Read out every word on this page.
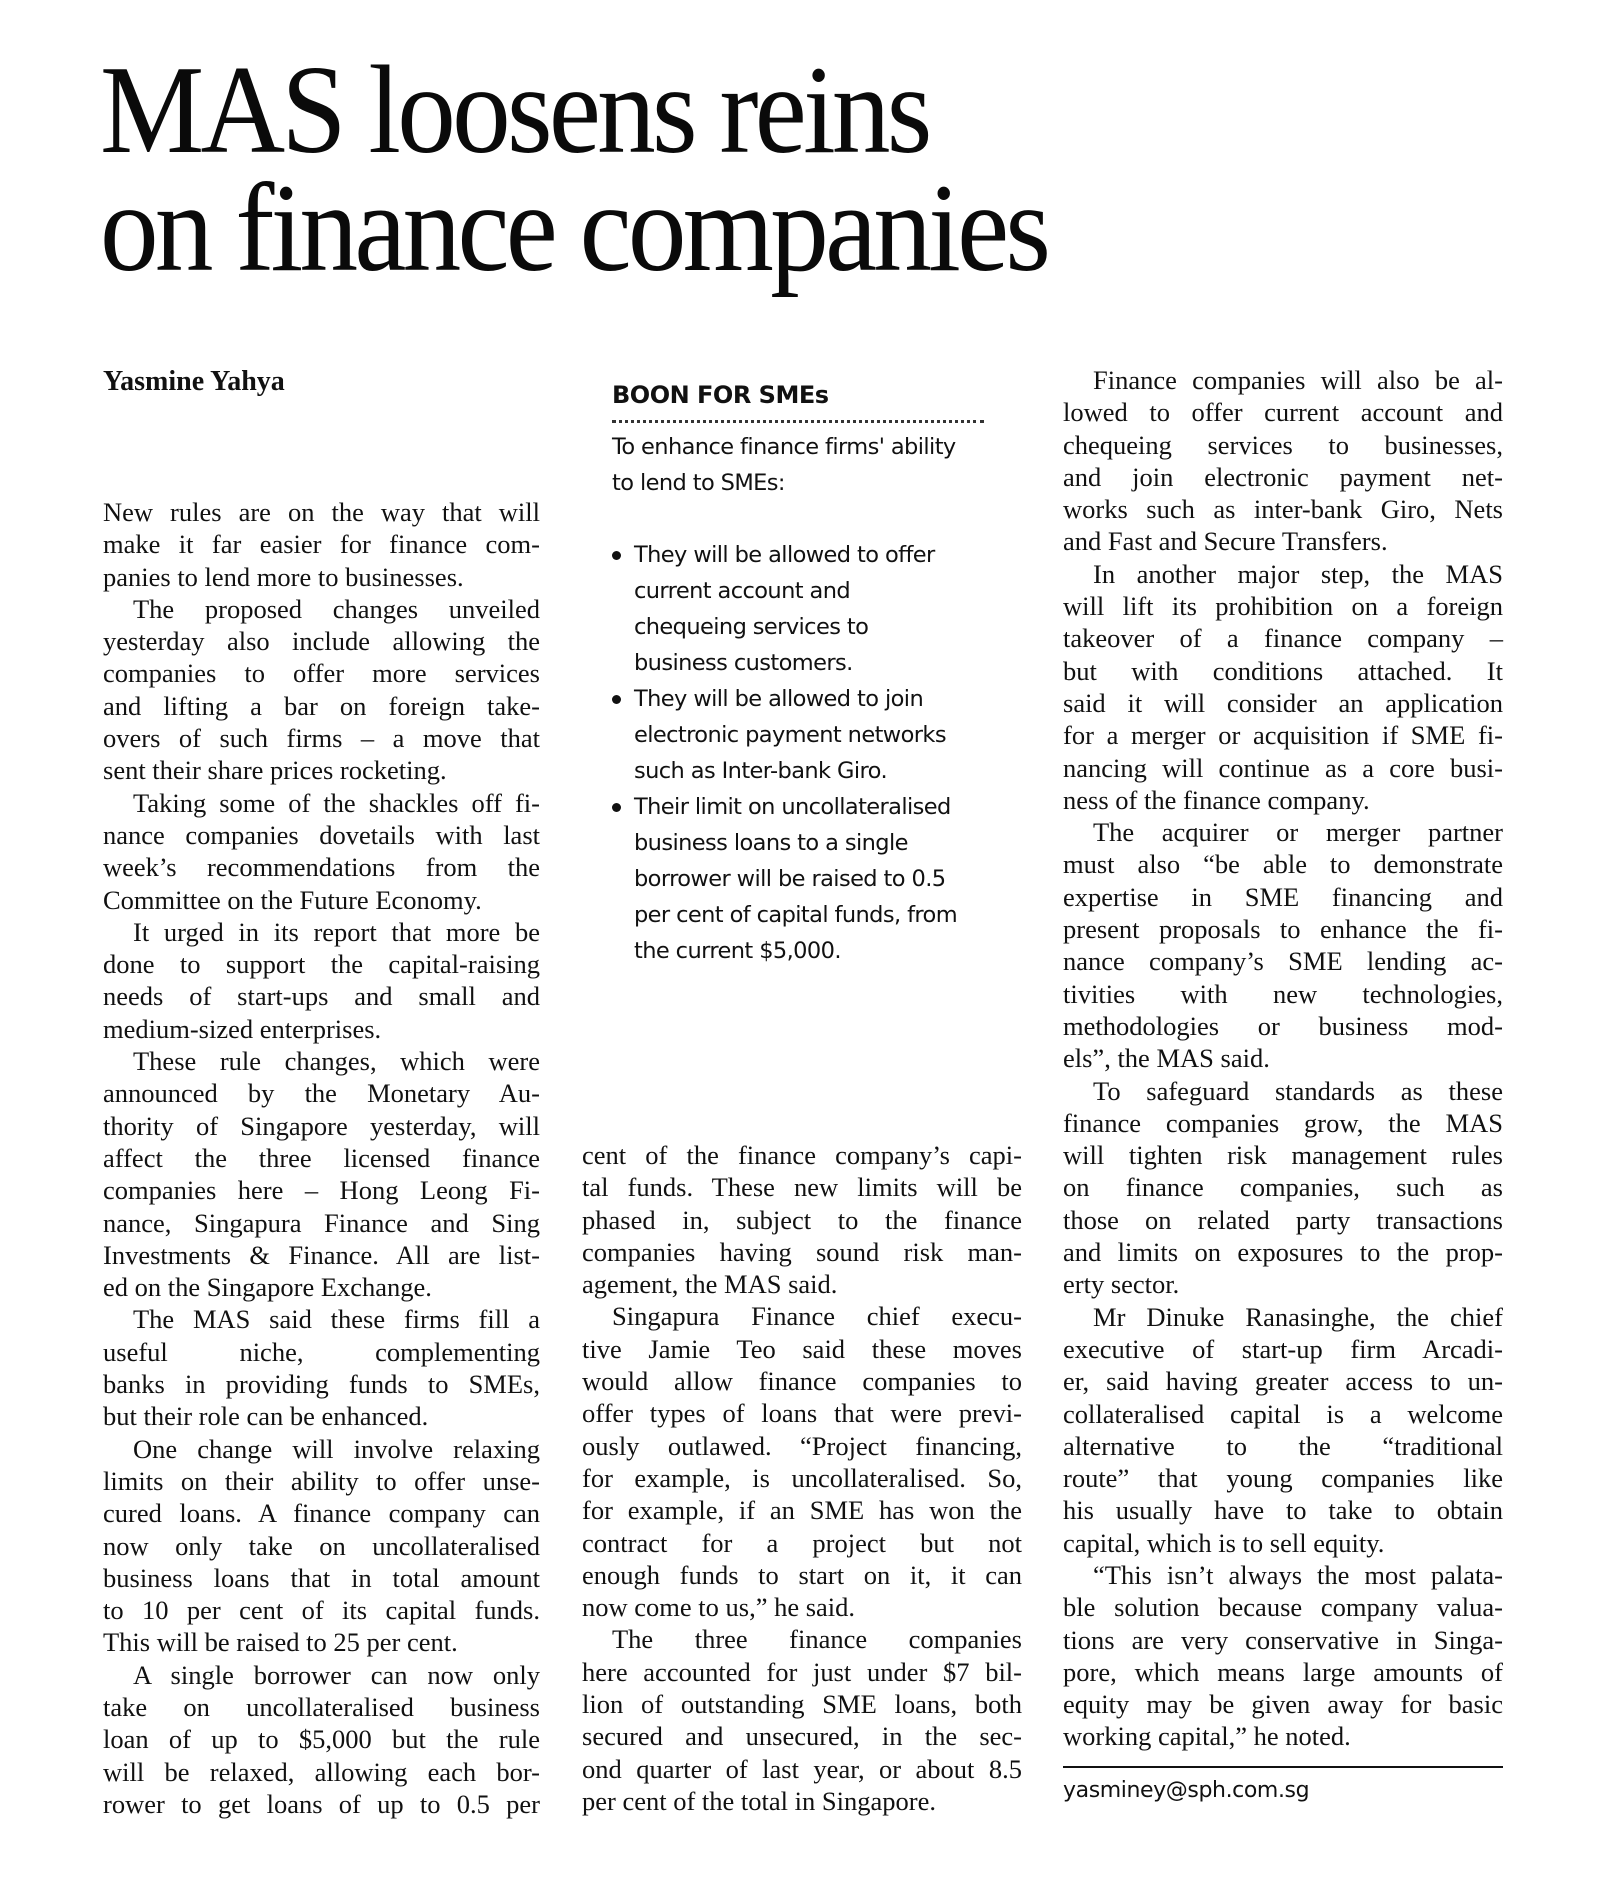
MAS loosens reins
on finance companies
Yasmine Yahya
New rules are on the way that will
make it far easier for finance com-
panies to lend more to businesses.
The proposed changes unveiled
yesterday also include allowing the
companies to offer more services
and lifting a bar on foreign take-
overs of such firms – a move that
sent their share prices rocketing.
Taking some of the shackles off fi-
nance companies dovetails with last
week’s recommendations from the
Committee on the Future Economy.
It urged in its report that more be
done to support the capital-raising
needs of start-ups and small and
medium-sized enterprises.
These rule changes, which were
announced by the Monetary Au-
thority of Singapore yesterday, will
affect the three licensed finance
companies here – Hong Leong Fi-
nance, Singapura Finance and Sing
Investments & Finance. All are list-
ed on the Singapore Exchange.
The MAS said these firms fill a
useful niche, complementing
banks in providing funds to SMEs,
but their role can be enhanced.
One change will involve relaxing
limits on their ability to offer unse-
cured loans. A finance company can
now only take on uncollateralised
business loans that in total amount
to 10 per cent of its capital funds.
This will be raised to 25 per cent.
A single borrower can now only
take on uncollateralised business
loan of up to $5,000 but the rule
will be relaxed, allowing each bor-
rower to get loans of up to 0.5 per
cent of the finance company’s capi-
tal funds. These new limits will be
phased in, subject to the finance
companies having sound risk man-
agement, the MAS said.
Singapura Finance chief execu-
tive Jamie Teo said these moves
would allow finance companies to
offer types of loans that were previ-
ously outlawed. “Project financing,
for example, is uncollateralised. So,
for example, if an SME has won the
contract for a project but not
enough funds to start on it, it can
now come to us,” he said.
The three finance companies
here accounted for just under $7 bil-
lion of outstanding SME loans, both
secured and unsecured, in the sec-
ond quarter of last year, or about 8.5
per cent of the total in Singapore.
Finance companies will also be al-
lowed to offer current account and
chequeing services to businesses,
and join electronic payment net-
works such as inter-bank Giro, Nets
and Fast and Secure Transfers.
In another major step, the MAS
will lift its prohibition on a foreign
takeover of a finance company –
but with conditions attached. It
said it will consider an application
for a merger or acquisition if SME fi-
nancing will continue as a core busi-
ness of the finance company.
The acquirer or merger partner
must also “be able to demonstrate
expertise in SME financing and
present proposals to enhance the fi-
nance company’s SME lending ac-
tivities with new technologies,
methodologies or business mod-
els”, the MAS said.
To safeguard standards as these
finance companies grow, the MAS
will tighten risk management rules
on finance companies, such as
those on related party transactions
and limits on exposures to the prop-
erty sector.
Mr Dinuke Ranasinghe, the chief
executive of start-up firm Arcadi-
er, said having greater access to un-
collateralised capital is a welcome
alternative to the “traditional
route” that young companies like
his usually have to take to obtain
capital, which is to sell equity.
“This isn’t always the most palata-
ble solution because company valua-
tions are very conservative in Singa-
pore, which means large amounts of
equity may be given away for basic
working capital,” he noted.
BOON FOR SMEs
To enhance finance firms' ability
to lend to SMEs:
They will be allowed to offer
current account and
chequeing services to
business customers.
They will be allowed to join
electronic payment networks
such as Inter-bank Giro.
Their limit on uncollateralised
business loans to a single
borrower will be raised to 0.5
per cent of capital funds, from
the current $5,000.
yasminey@sph.com.sg
